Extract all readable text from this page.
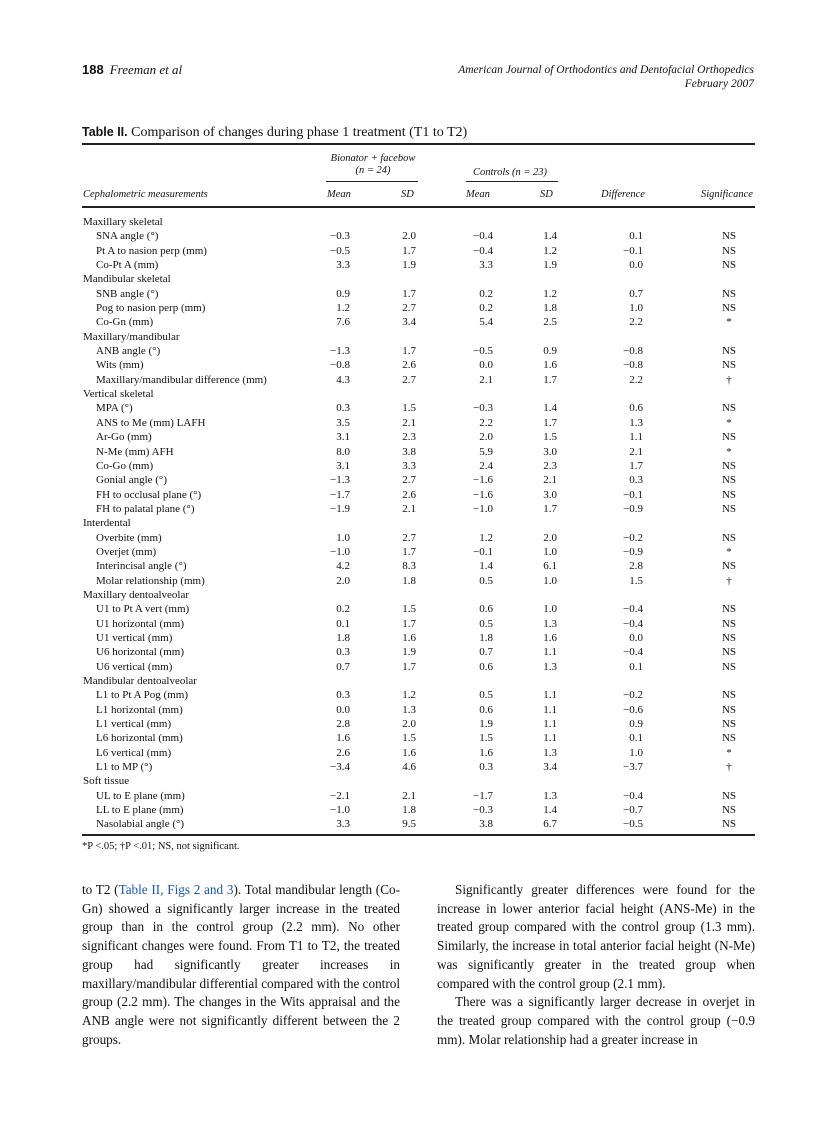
188 Freeman et al	American Journal of Orthodontics and Dentofacial Orthopedics
February 2007
Table II. Comparison of changes during phase 1 treatment (T1 to T2)
Bionator + facebow
(n = 24)	Controls (n = 23)
Cephalometric measurements	Mean	SD	Mean	SD	Difference	Significance
Maxillary skeletal
SNA angle (°)	−0.3	2.0	−0.4	1.4	0.1	NS
Pt A to nasion perp (mm)	−0.5	1.7	−0.4	1.2	−0.1	NS
Co-Pt A (mm)	3.3	1.9	3.3	1.9	0.0	NS
Mandibular skeletal
SNB angle (°)	0.9	1.7	0.2	1.2	0.7	NS
Pog to nasion perp (mm)	1.2	2.7	0.2	1.8	1.0	NS
Co-Gn (mm)	7.6	3.4	5.4	2.5	2.2	*
Maxillary/mandibular
ANB angle (°)	−1.3	1.7	−0.5	0.9	−0.8	NS
Wits (mm)	−0.8	2.6	0.0	1.6	−0.8	NS
Maxillary/mandibular difference (mm)	4.3	2.7	2.1	1.7	2.2	†
Vertical skeletal
MPA (°)	0.3	1.5	−0.3	1.4	0.6	NS
ANS to Me (mm) LAFH	3.5	2.1	2.2	1.7	1.3	*
Ar-Go (mm)	3.1	2.3	2.0	1.5	1.1	NS
N-Me (mm) AFH	8.0	3.8	5.9	3.0	2.1	*
Co-Go (mm)	3.1	3.3	2.4	2.3	1.7	NS
Gonial angle (°)	−1.3	2.7	−1.6	2.1	0.3	NS
FH to occlusal plane (°)	−1.7	2.6	−1.6	3.0	−0.1	NS
FH to palatal plane (°)	−1.9	2.1	−1.0	1.7	−0.9	NS
Interdental
Overbite (mm)	1.0	2.7	1.2	2.0	−0.2	NS
Overjet (mm)	−1.0	1.7	−0.1	1.0	−0.9	*
Interincisal angle (°)	4.2	8.3	1.4	6.1	2.8	NS
Molar relationship (mm)	2.0	1.8	0.5	1.0	1.5	†
Maxillary dentoalveolar
U1 to Pt A vert (mm)	0.2	1.5	0.6	1.0	−0.4	NS
U1 horizontal (mm)	0.1	1.7	0.5	1.3	−0.4	NS
U1 vertical (mm)	1.8	1.6	1.8	1.6	0.0	NS
U6 horizontal (mm)	0.3	1.9	0.7	1.1	−0.4	NS
U6 vertical (mm)	0.7	1.7	0.6	1.3	0.1	NS
Mandibular dentoalveolar
L1 to Pt A Pog (mm)	0.3	1.2	0.5	1.1	−0.2	NS
L1 horizontal (mm)	0.0	1.3	0.6	1.1	−0.6	NS
L1 vertical (mm)	2.8	2.0	1.9	1.1	0.9	NS
L6 horizontal (mm)	1.6	1.5	1.5	1.1	0.1	NS
L6 vertical (mm)	2.6	1.6	1.6	1.3	1.0	*
L1 to MP (°)	−3.4	4.6	0.3	3.4	−3.7	†
Soft tissue
UL to E plane (mm)	−2.1	2.1	−1.7	1.3	−0.4	NS
LL to E plane (mm)	−1.0	1.8	−0.3	1.4	−0.7	NS
Nasolabial angle (°)	3.3	9.5	3.8	6.7	−0.5	NS
*P <.05; †P <.01; NS, not significant.

to T2 (Table II, Figs 2 and 3). Total mandibular length (Co-Gn) showed a significantly larger increase in the treated group than in the control group (2.2 mm). No other significant changes were found. From T1 to T2, the treated group had significantly greater increases in maxillary/mandibular differential compared with the control group (2.2 mm). The changes in the Wits appraisal and the ANB angle were not significantly different between the 2 groups.

Significantly greater differences were found for the increase in lower anterior facial height (ANS-Me) in the treated group compared with the control group (1.3 mm). Similarly, the increase in total anterior facial height (N-Me) was significantly greater in the treated group when compared with the control group (2.1 mm).

There was a significantly larger decrease in overjet in the treated group compared with the control group (−0.9 mm). Molar relationship had a greater increase in
